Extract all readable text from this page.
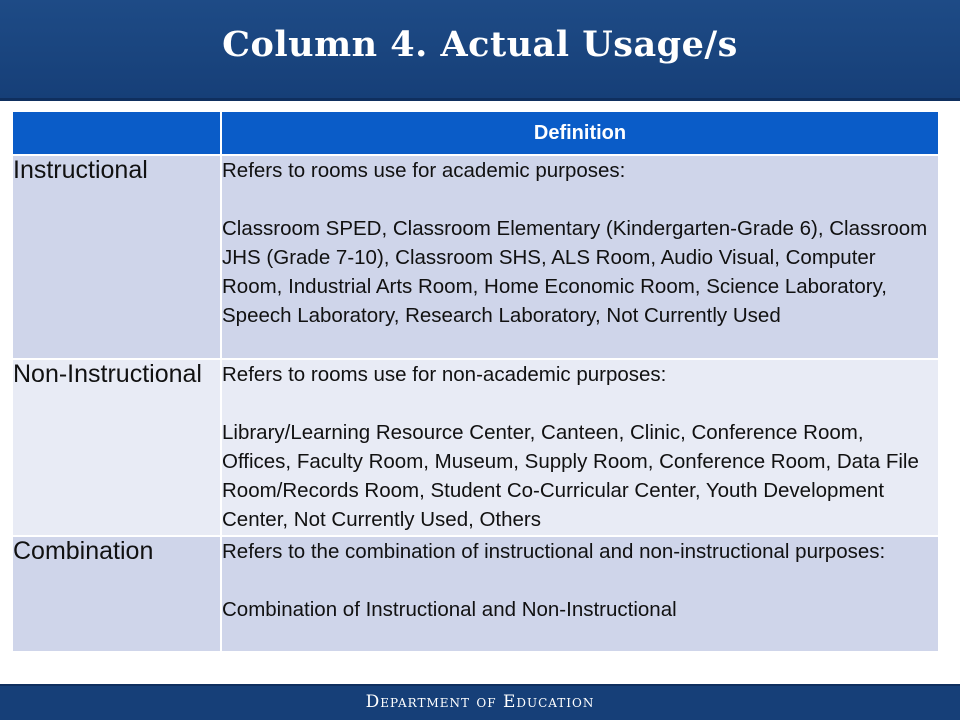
Column 4. Actual Usage/s
	Definition
Instructional	Refers to rooms use for academic purposes:
Classroom SPED, Classroom Elementary (Kindergarten-Grade 6), Classroom JHS (Grade 7-10), Classroom SHS, ALS Room, Audio Visual, Computer Room, Industrial Arts Room, Home Economic Room, Science Laboratory, Speech Laboratory, Research Laboratory, Not Currently Used

Non-Instructional	Refers to rooms use for non-academic purposes:
Library/Learning Resource Center, Canteen, Clinic, Conference Room, Offices, Faculty Room, Museum, Supply Room, Conference Room, Data File Room/Records Room, Student Co-Curricular Center, Youth Development Center, Not Currently Used, Others

Combination	Refers to the combination of instructional and non-instructional purposes:
Combination of Instructional and Non-Instructional
Department of Education
